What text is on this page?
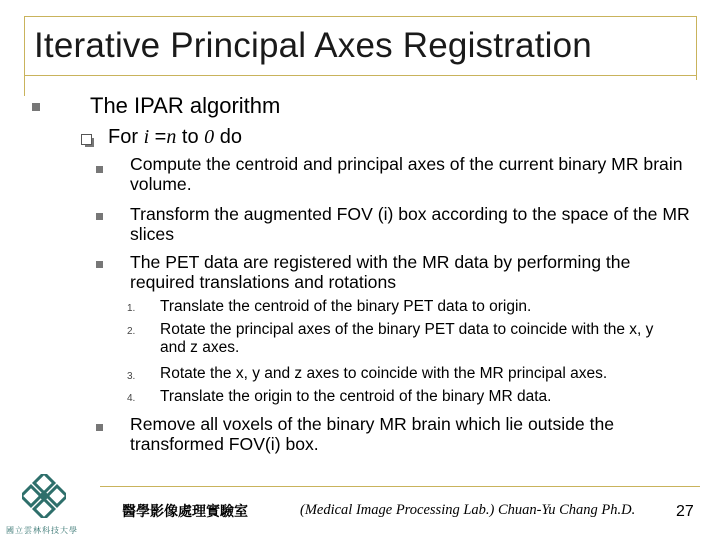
Iterative Principal Axes Registration
The IPAR algorithm
For i =n to 0 do
Compute the centroid and principal axes of the current binary MR brain volume.
Transform the augmented FOV (i) box according to the space of the MR slices
The PET data are registered with the MR data by performing the required translations and rotations
1. Translate the centroid of the binary PET data to origin.
2. Rotate the principal axes of the binary PET data to coincide with the x, y and z axes.
3. Rotate the x, y and z axes to coincide with the MR principal axes.
4. Translate the origin to the centroid of the binary MR data.
Remove all voxels of the binary MR brain which lie outside the transformed FOV(i) box.
國立雲林科技大學
醫學影像處理實驗室	(Medical Image Processing Lab.) Chuan-Yu Chang Ph.D.	27
